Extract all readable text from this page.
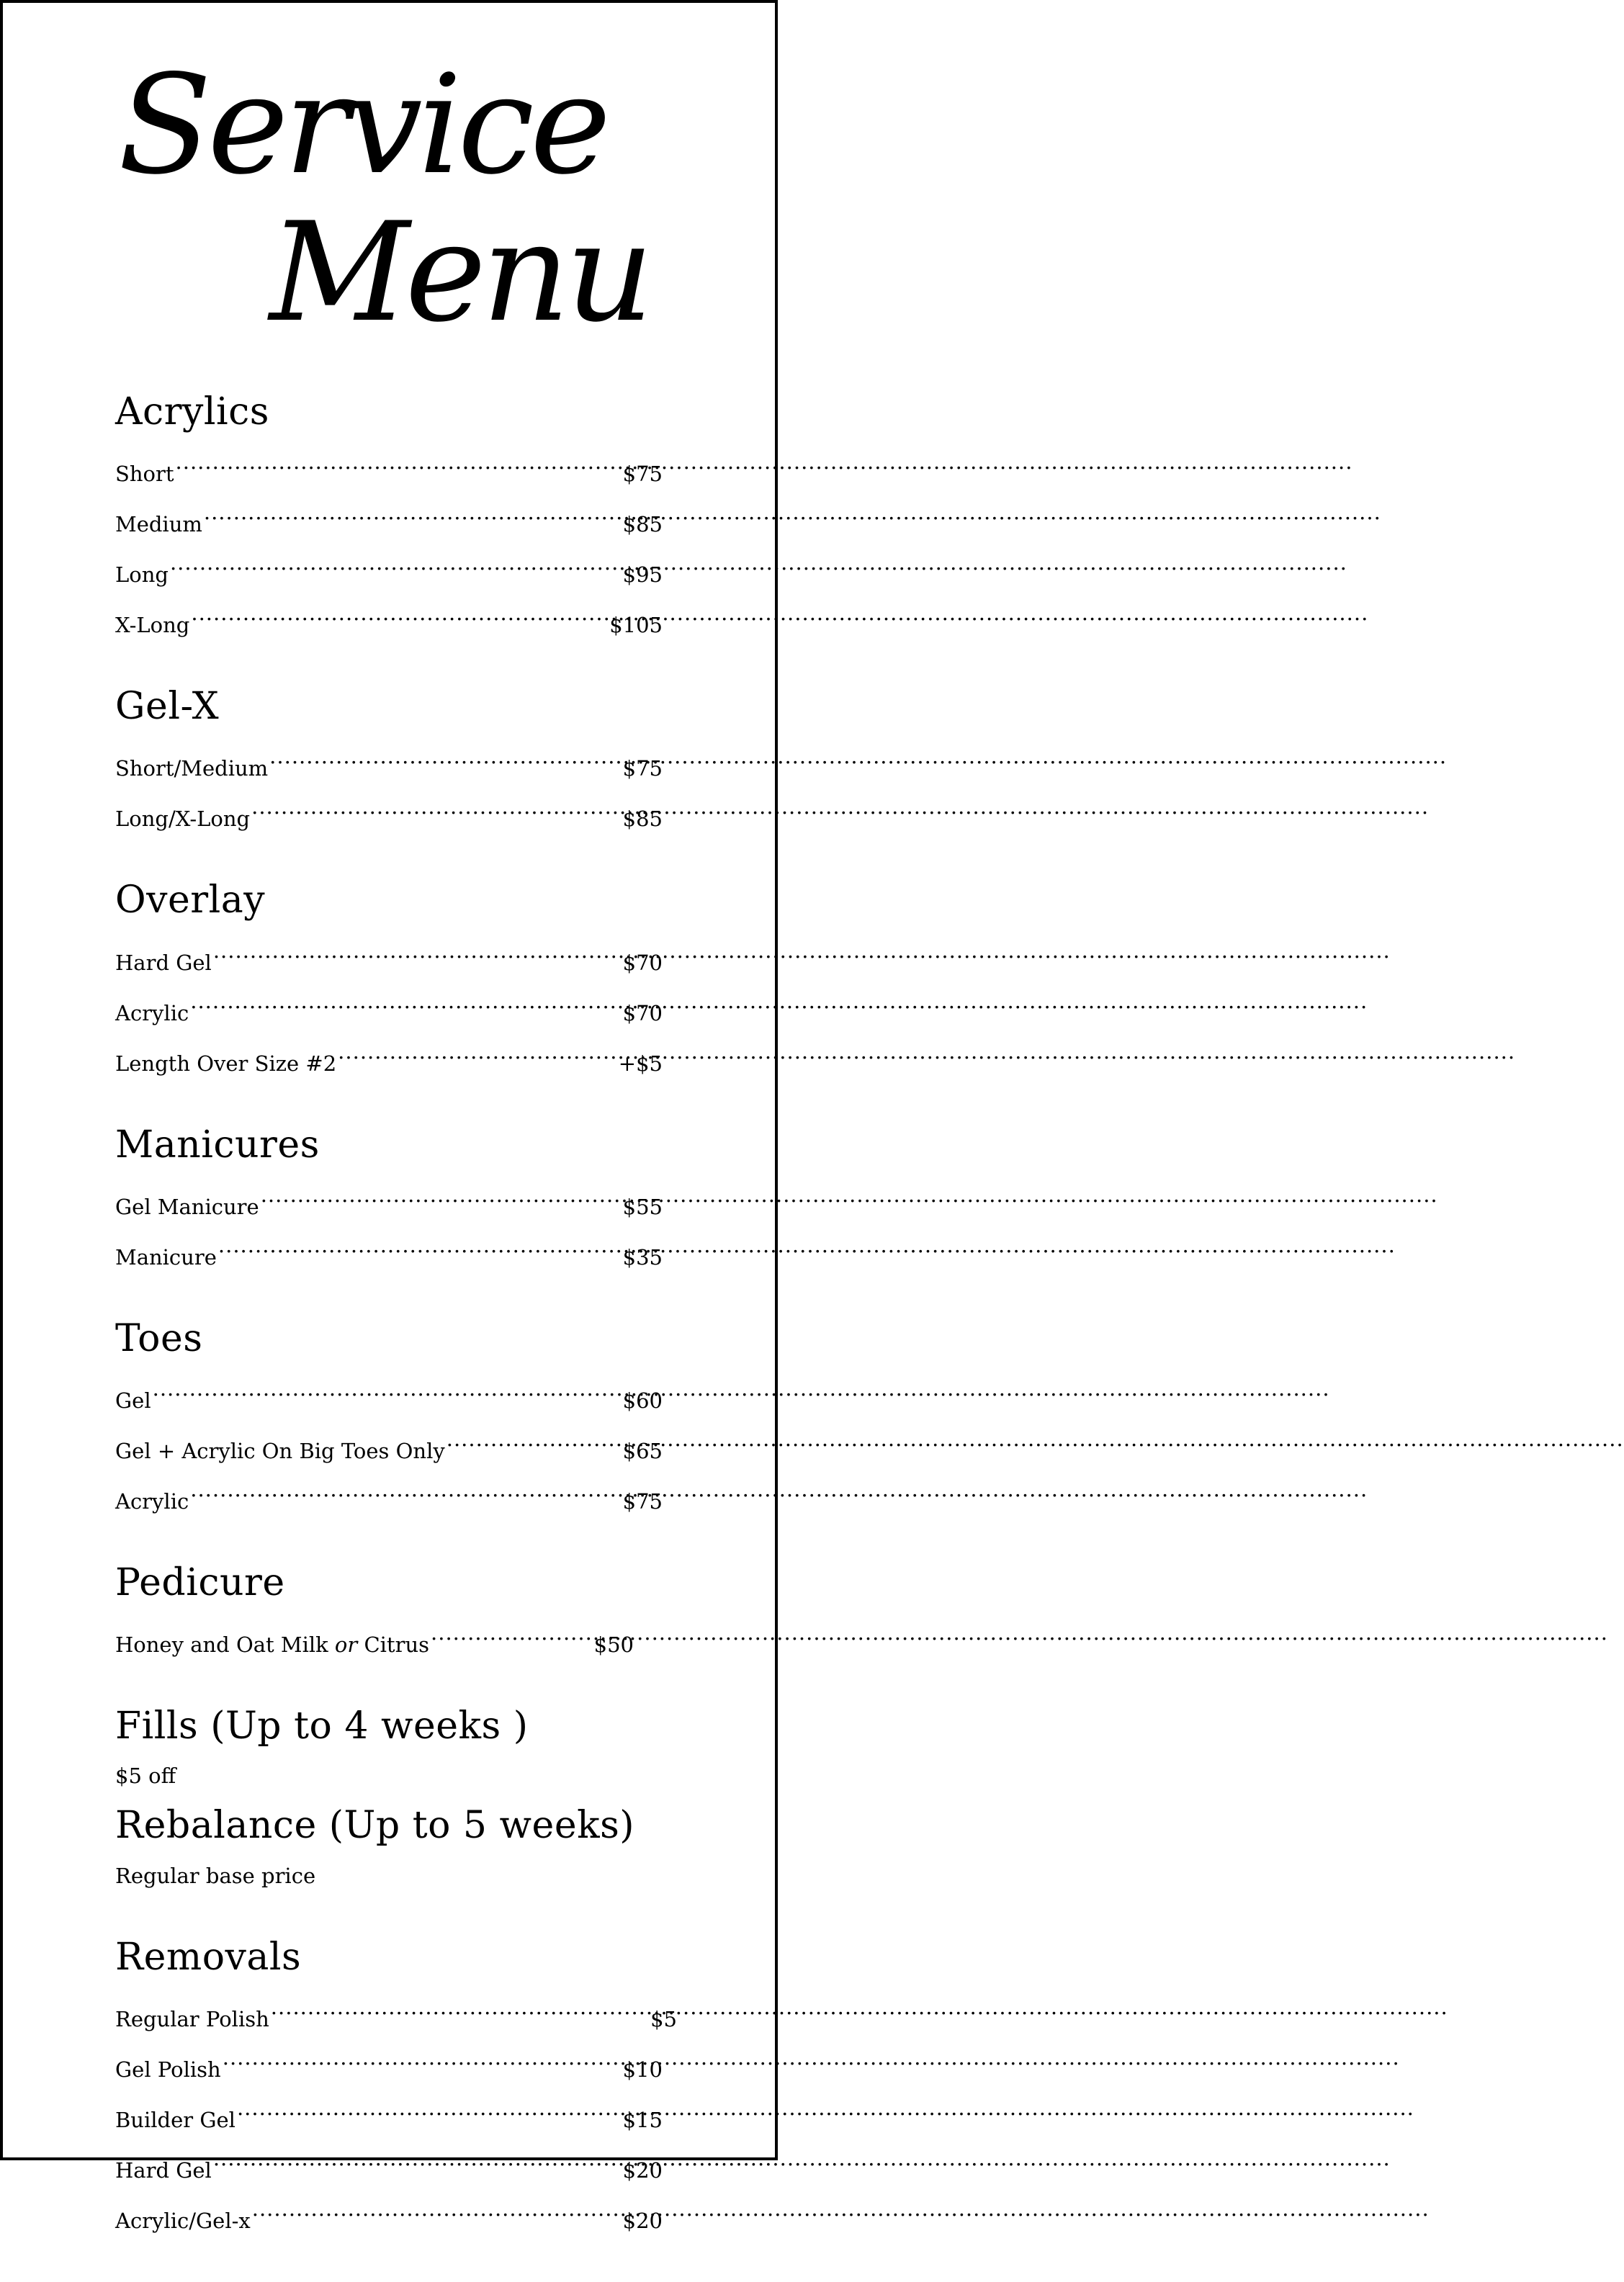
Service
Menu
Acrylics
Short .....	$75
Medium .....	$85
Long .....	$95
X-Long .....	$105
Gel-X
Short/Medium .....	$75
Long/X-Long .....	$85
Overlay
Hard Gel .....	$70
Acrylic .....	$70
Length Over Size #2 .....	+$5
Manicures
Gel Manicure .....	$55
Manicure .....	$35
Toes
Gel .....	$60
Gel + Acrylic On Big Toes Only .....	$65
Acrylic .....	$75
Pedicure
Honey and Oat Milk or Citrus .....	$50
Fills (Up to 4 weeks )

$5 off

Rebalance (Up to 5 weeks)

Regular base price

Removals
Regular Polish .....	$5
Gel Polish .....	$10
Builder Gel .....	$15
Hard Gel .....	$20
Acrylic/Gel-x .....	$20
